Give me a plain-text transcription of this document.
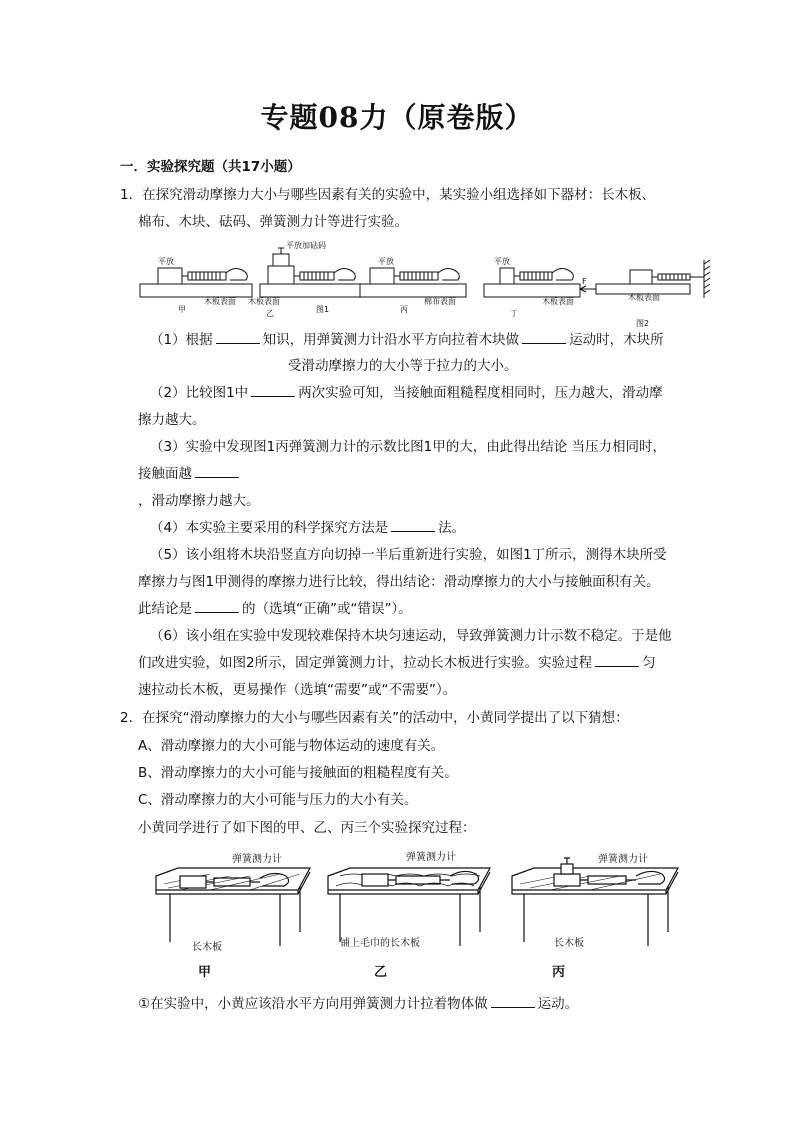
专题08力（原卷版）
一．实验探究题（共17小题）
1．在探究滑动摩擦力大小与哪些因素有关的实验中，某实验小组选择如下器材：长木板、
棉布、木块、砝码、弹簧测力计等进行实验。
平放
木板表面
甲
平放加砝码
木板表面
乙	图1
平放
棉布表面
丙
平放
木板表面
丁
F
木板表面
图2
（1）根据	知识，用弹簧测力计沿水平方向拉着木块做	运动时，木块所
受滑动摩擦力的大小等于拉力的大小。
（2）比较图1中	两次实验可知，当接触面粗糙程度相同时，压力越大，滑动摩
擦力越大。
（3）实验中发现图1丙弹簧测力计的示数比图1甲的大，由此得出结论 当压力相同时，
接触面越
，滑动摩擦力越大。
（4）本实验主要采用的科学探究方法是	法。
（5）该小组将木块沿竖直方向切掉一半后重新进行实验，如图1丁所示，测得木块所受
摩擦力与图1甲测得的摩擦力进行比较，得出结论：滑动摩擦力的大小与接触面积有关。
此结论是	的（选填“正确”或“错误”）。
（6）该小组在实验中发现较难保持木块匀速运动，导致弹簧测力计示数不稳定。于是他
们改进实验，如图2所示，固定弹簧测力计，拉动长木板进行实验。实验过程	匀
速拉动长木板，更易操作（选填“需要”或“不需要”）。
2．在探究“滑动摩擦力的大小与哪些因素有关”的活动中，小黄同学提出了以下猜想：
A、滑动摩擦力的大小可能与物体运动的速度有关。
B、滑动摩擦力的大小可能与接触面的粗糙程度有关。
C、滑动摩擦力的大小可能与压力的大小有关。
小黄同学进行了如下图的甲、乙、丙三个实验探究过程：
弹簧测力计
长木板
甲
弹簧测力计
铺上毛巾的长木板
乙
弹簧测力计
长木板
丙
①在实验中，小黄应该沿水平方向用弹簧测力计拉着物体做	运动。
